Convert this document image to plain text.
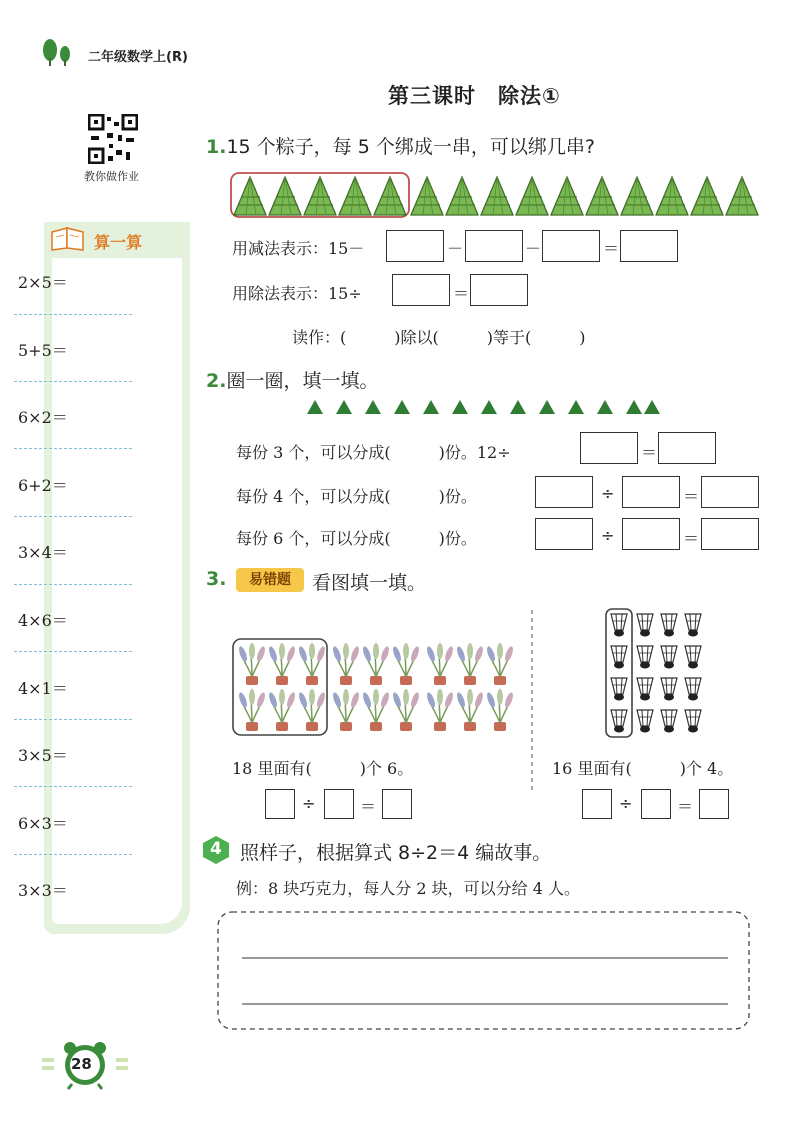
二年级数学上(R)
第三课时　除法①
教你做作业
算一算
2×5＝
5+5＝
6×2＝
6+2＝
3×4＝
4×6＝
4×1＝
3×5＝
6×3＝
3×3＝
1.15 个粽子，每 5 个绑成一串，可以绑几串?
用减法表示：15－	－	－	＝
用除法表示：15÷	＝
读作：(　　　)除以(　　　)等于(　　　)
2.圈一圈，填一填。
每份 3 个，可以分成(　　　)份。12÷	＝
每份 4 个，可以分成(　　　)份。	÷	＝
每份 6 个，可以分成(　　　)份。	÷	＝
3.	易错题	看图填一填。
18 里面有(　　　)个 6。	16 里面有(　　　)个 4。
÷	＝	÷	＝
4 照样子，根据算式 8÷2＝4 编故事。
例：8 块巧克力，每人分 2 块，可以分给 4 人。
28
